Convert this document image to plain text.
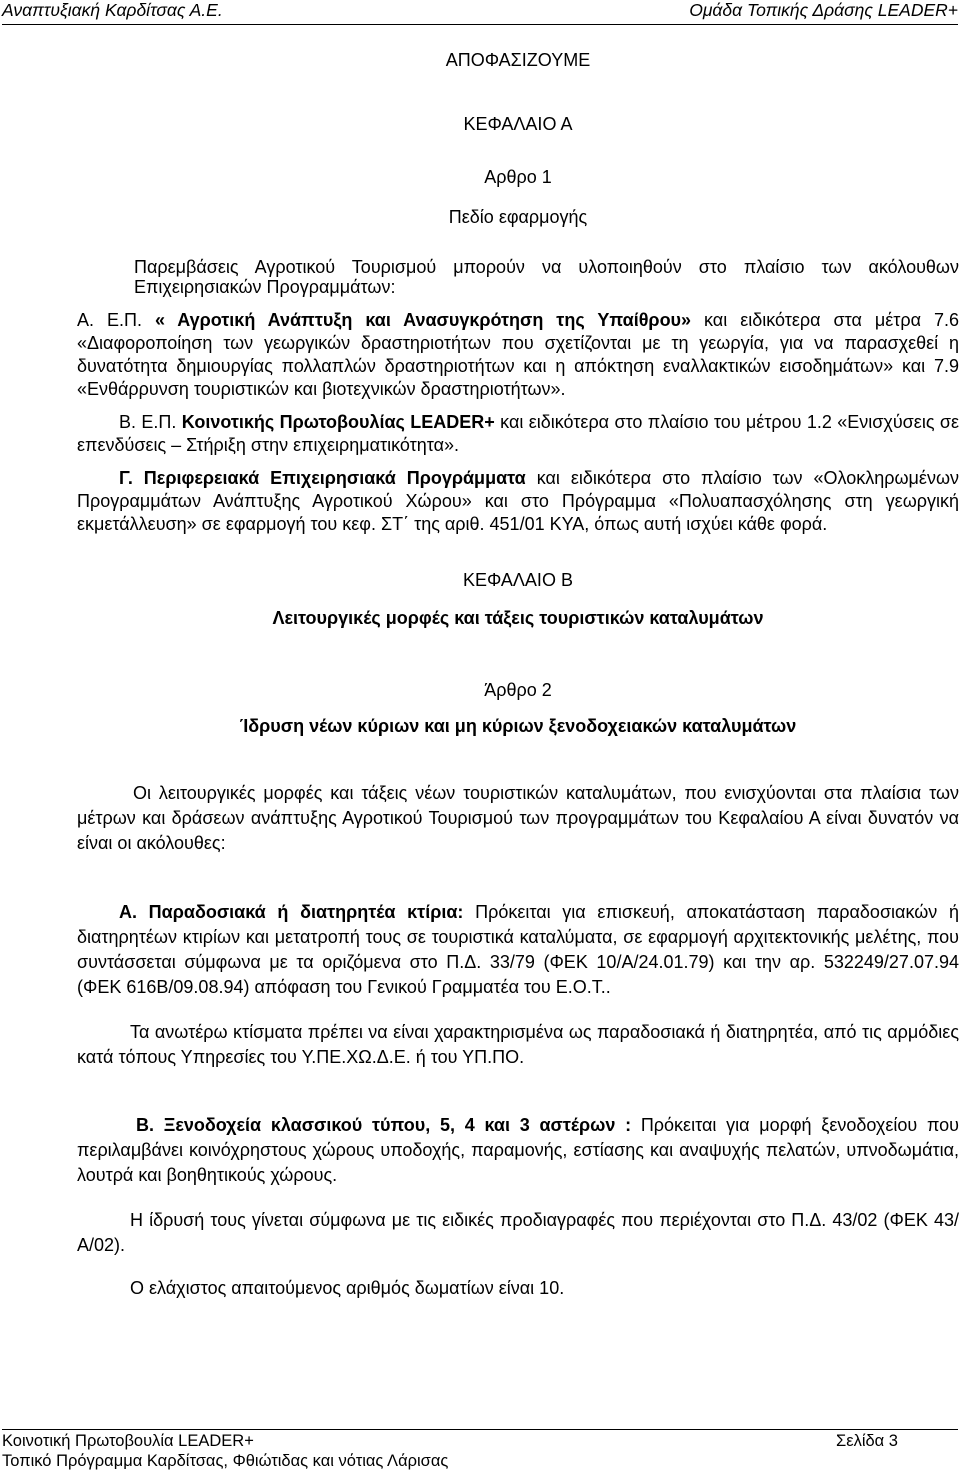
Αναπτυξιακή Καρδίτσας Α.Ε.	Ομάδα Τοπικής Δράσης LEADER+

ΑΠΟΦΑΣΙΖΟΥΜΕ

ΚΕΦΑΛΑΙΟ Α

Αρθρο 1

Πεδίο εφαρμογής

Παρεμβάσεις Αγροτικού Τουρισμού μπορούν να υλοποιηθούν στο πλαίσιο των ακόλουθων Επιχειρησιακών Προγραμμάτων:

Α. Ε.Π. « Αγροτική Ανάπτυξη και Ανασυγκρότηση της Υπαίθρου» και ειδικότερα στα μέτρα 7.6 «Διαφοροποίηση των γεωργικών δραστηριοτήτων που σχετίζονται με τη γεωργία, για να παρασχεθεί η δυνατότητα δημιουργίας πολλαπλών δραστηριοτήτων και η απόκτηση εναλλακτικών εισοδημάτων» και 7.9 «Ενθάρρυνση τουριστικών και βιοτεχνικών δραστηριοτήτων».

Β. Ε.Π. Κοινοτικής Πρωτοβουλίας LEADER+ και ειδικότερα στο πλαίσιο του μέτρου 1.2 «Ενισχύσεις σε επενδύσεις – Στήριξη στην επιχειρηματικότητα».

Γ. Περιφερειακά Επιχειρησιακά Προγράμματα και ειδικότερα στο πλαίσιο των «Ολοκληρωμένων Προγραμμάτων Ανάπτυξης Αγροτικού Χώρου» και στο Πρόγραμμα «Πολυαπασχόλησης στη γεωργική εκμετάλλευση» σε εφαρμογή του κεφ. ΣΤ΄ της αριθ. 451/01 ΚΥΑ, όπως αυτή ισχύει κάθε φορά.

ΚΕΦΑΛΑΙΟ Β

Λειτουργικές μορφές και τάξεις τουριστικών καταλυμάτων

Άρθρο 2

Ίδρυση νέων κύριων και μη κύριων ξενοδοχειακών καταλυμάτων

Οι λειτουργικές μορφές και τάξεις νέων τουριστικών καταλυμάτων, που ενισχύονται στα πλαίσια των μέτρων και δράσεων ανάπτυξης Αγροτικού Τουρισμού των προγραμμάτων του Κεφαλαίου Α είναι δυνατόν να είναι οι ακόλουθες:

Α. Παραδοσιακά ή διατηρητέα κτίρια: Πρόκειται για επισκευή, αποκατάσταση παραδοσιακών ή διατηρητέων κτιρίων και μετατροπή τους σε τουριστικά καταλύματα, σε εφαρμογή αρχιτεκτονικής μελέτης, που συντάσσεται σύμφωνα με τα οριζόμενα στο Π.Δ. 33/79 (ΦΕΚ 10/Α/24.01.79) και την αρ. 532249/27.07.94 (ΦΕΚ 616Β/09.08.94) απόφαση του Γενικού Γραμματέα του Ε.Ο.Τ..

Τα ανωτέρω κτίσματα πρέπει να είναι χαρακτηρισμένα ως παραδοσιακά ή διατηρητέα, από τις αρμόδιες κατά τόπους Υπηρεσίες του Υ.ΠΕ.ΧΩ.Δ.Ε. ή του ΥΠ.ΠΟ.

Β. Ξενοδοχεία κλασσικού τύπου, 5, 4 και 3 αστέρων : Πρόκειται για μορφή ξενοδοχείου που περιλαμβάνει κοινόχρηστους χώρους υποδοχής, παραμονής, εστίασης και αναψυχής πελατών, υπνοδωμάτια, λουτρά και βοηθητικούς χώρους.

Η ίδρυσή τους γίνεται σύμφωνα με τις ειδικές προδιαγραφές που περιέχονται στο Π.Δ. 43/02 (ΦΕΚ 43/Α/02).

Ο ελάχιστος απαιτούμενος αριθμός δωματίων είναι 10.

Κοινοτική Πρωτοβουλία LEADER+	Σελίδα 3
Τοπικό Πρόγραμμα Καρδίτσας, Φθιώτιδας και νότιας Λάρισας
